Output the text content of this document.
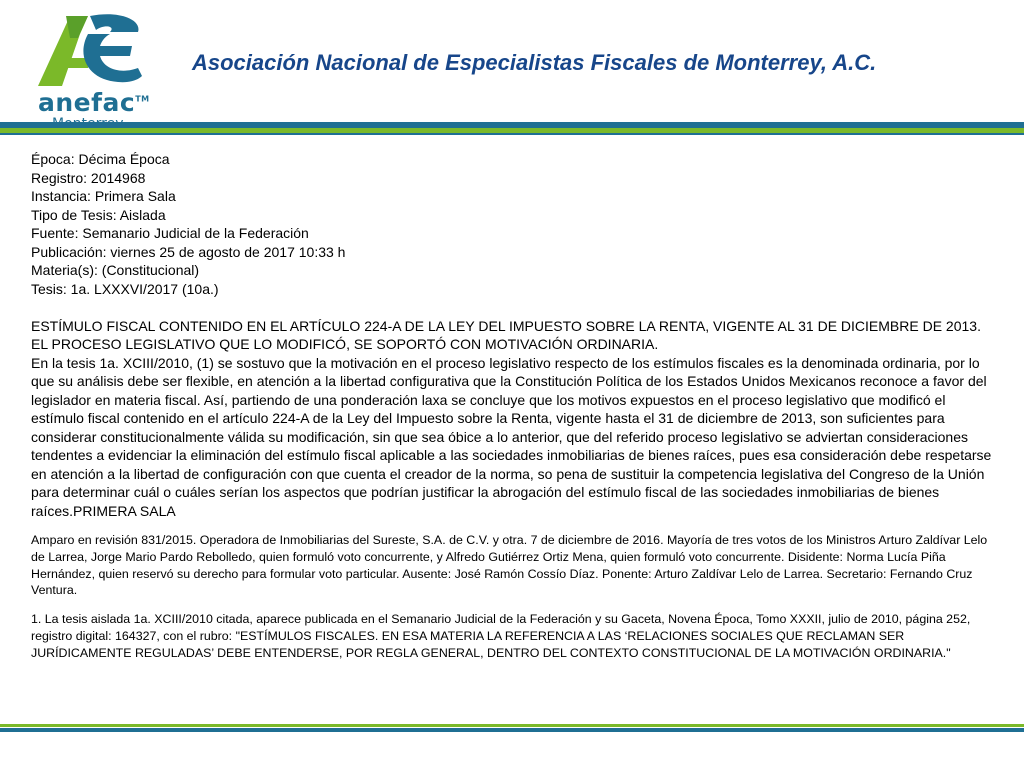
anefac™
Asociación Nacional de Especialistas Fiscales de Monterrey, A.C.
Época: Décima Época
Registro: 2014968
Instancia: Primera Sala
Tipo de Tesis: Aislada
Fuente: Semanario Judicial de la Federación
Publicación: viernes 25 de agosto de 2017 10:33 h
Materia(s): (Constitucional)
Tesis: 1a. LXXXVI/2017 (10a.)
ESTÍMULO FISCAL CONTENIDO EN EL ARTÍCULO 224-A DE LA LEY DEL IMPUESTO SOBRE LA RENTA, VIGENTE AL 31 DE DICIEMBRE DE 2013. EL PROCESO LEGISLATIVO QUE LO MODIFICÓ, SE SOPORTÓ CON MOTIVACIÓN ORDINARIA.
En la tesis 1a. XCIII/2010, (1) se sostuvo que la motivación en el proceso legislativo respecto de los estímulos fiscales es la denominada ordinaria, por lo que su análisis debe ser flexible, en atención a la libertad configurativa que la Constitución Política de los Estados Unidos Mexicanos reconoce a favor del legislador en materia fiscal. Así, partiendo de una ponderación laxa se concluye que los motivos expuestos en el proceso legislativo que modificó el estímulo fiscal contenido en el artículo 224-A de la Ley del Impuesto sobre la Renta, vigente hasta el 31 de diciembre de 2013, son suficientes para considerar constitucionalmente válida su modificación, sin que sea óbice a lo anterior, que del referido proceso legislativo se adviertan consideraciones tendentes a evidenciar la eliminación del estímulo fiscal aplicable a las sociedades inmobiliarias de bienes raíces, pues esa consideración debe respetarse en atención a la libertad de configuración con que cuenta el creador de la norma, so pena de sustituir la competencia legislativa del Congreso de la Unión para determinar cuál o cuáles serían los aspectos que podrían justificar la abrogación del estímulo fiscal de las sociedades inmobiliarias de bienes raíces.PRIMERA SALA
Amparo en revisión 831/2015. Operadora de Inmobiliarias del Sureste, S.A. de C.V. y otra. 7 de diciembre de 2016. Mayoría de tres votos de los Ministros Arturo Zaldívar Lelo de Larrea, Jorge Mario Pardo Rebolledo, quien formuló voto concurrente, y Alfredo Gutiérrez Ortiz Mena, quien formuló voto concurrente. Disidente: Norma Lucía Piña Hernández, quien reservó su derecho para formular voto particular. Ausente: José Ramón Cossío Díaz. Ponente: Arturo Zaldívar Lelo de Larrea. Secretario: Fernando Cruz Ventura.
1. La tesis aislada 1a. XCIII/2010 citada, aparece publicada en el Semanario Judicial de la Federación y su Gaceta, Novena Época, Tomo XXXII, julio de 2010, página 252, registro digital: 164327, con el rubro: "ESTÍMULOS FISCALES. EN ESA MATERIA LA REFERENCIA A LAS ‘RELACIONES SOCIALES QUE RECLAMAN SER JURÍDICAMENTE REGULADAS’ DEBE ENTENDERSE, POR REGLA GENERAL, DENTRO DEL CONTEXTO CONSTITUCIONAL DE LA MOTIVACIÓN ORDINARIA."
